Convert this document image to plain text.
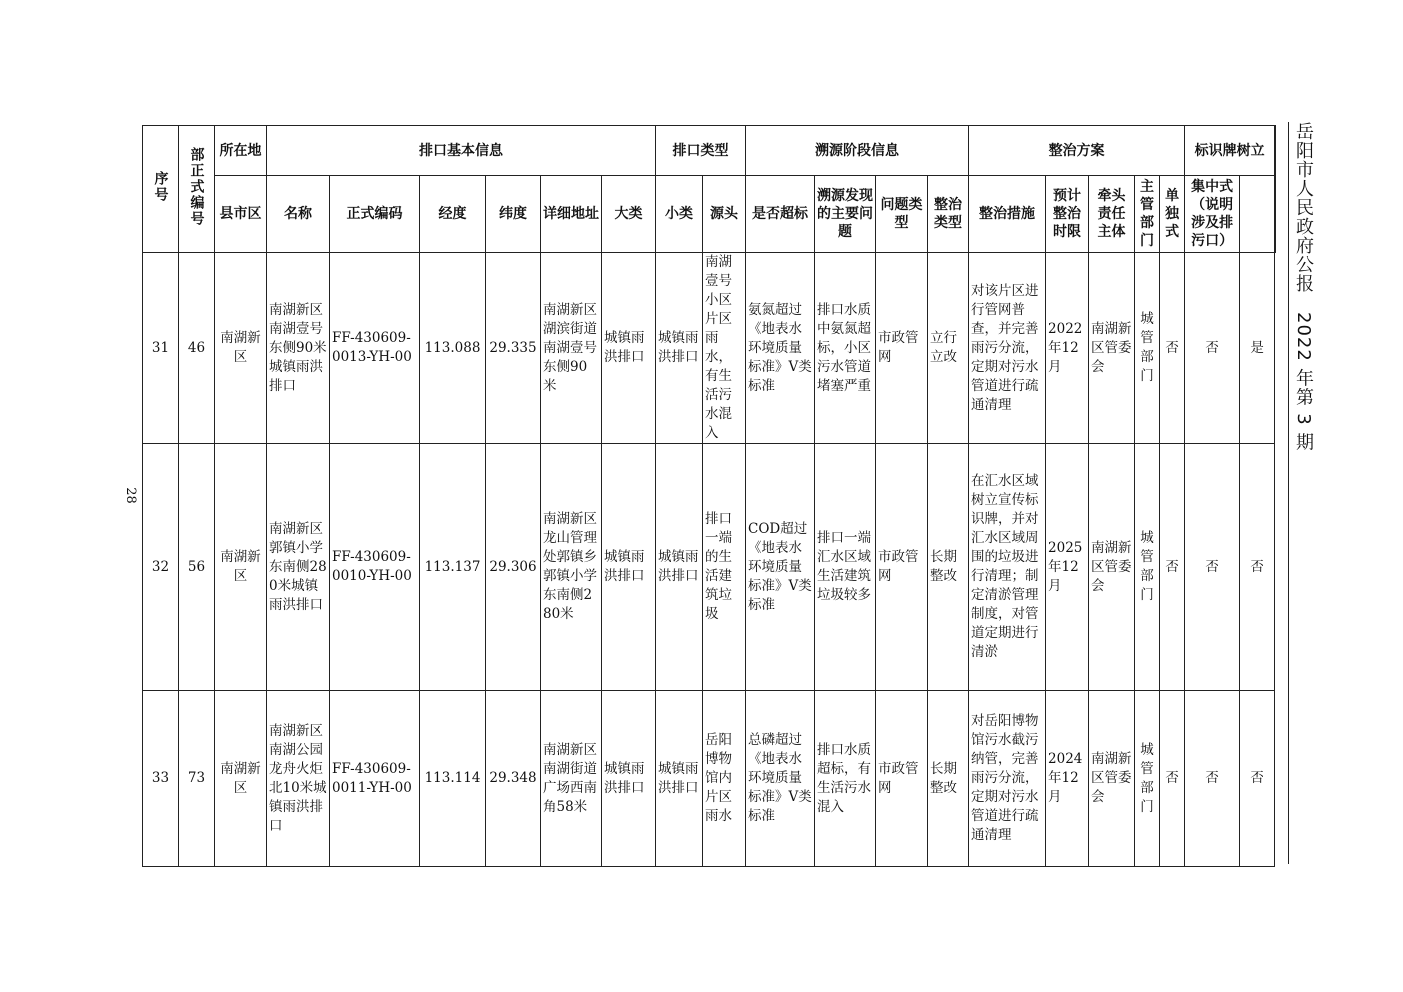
28
岳阳市人民政府公报　2022 年第 3 期
序号	部正式编号	所在地	排口基本信息						排口类型		溯源阶段信息				整治方案					标识牌树立	
		县市区	名称	正式编码	经度	纬度	详细地址	大类	小类	源头	是否超标	溯源发现的主要问题	问题类型	整治类型	整治措施	预计整治时限	牵头责任主体	主管部门	单独式	集中式（说明涉及排污口）		
31	46	南湖新区	南湖新区南湖壹号东侧90米城镇雨洪排口	FF-430609-0013-YH-00	113.088	29.335	南湖新区湖滨街道南湖壹号东侧90米	城镇雨洪排口	城镇雨洪排口	南湖壹号小区片区雨水，有生活污水混入	氨氮超过《地表水环境质量标准》V类标准	排口水质中氨氮超标，小区污水管道堵塞严重	市政管网	立行立改	对该片区进行管网普查，并完善雨污分流，定期对污水管道进行疏通清理	2022年12月	南湖新区管委会	城管部门	否	否	是	
32	56	南湖新区	南湖新区郭镇小学东南侧280米城镇雨洪排口	FF-430609-0010-YH-00	113.137	29.306	南湖新区龙山管理处郭镇乡郭镇小学东南侧280米	城镇雨洪排口	城镇雨洪排口	排口一端的生活建筑垃圾	COD超过《地表水环境质量标准》V类标准	排口一端汇水区域生活建筑垃圾较多	市政管网	长期整改	在汇水区域树立宣传标识牌，并对汇水区域周围的垃圾进行清理；制定清淤管理制度，对管道定期进行清淤	2025年12月	南湖新区管委会	城管部门	否	否	否	
33	73	南湖新区	南湖新区南湖公园龙舟火炬北10米城镇雨洪排口	FF-430609-0011-YH-00	113.114	29.348	南湖新区南湖街道广场西南角58米	城镇雨洪排口	城镇雨洪排口	岳阳博物馆内片区雨水	总磷超过《地表水环境质量标准》V类标准	排口水质超标，有生活污水混入	市政管网	长期整改	对岳阳博物馆污水截污纳管，完善雨污分流，定期对污水管道进行疏通清理	2024年12月	南湖新区管委会	城管部门	否	否	否	
